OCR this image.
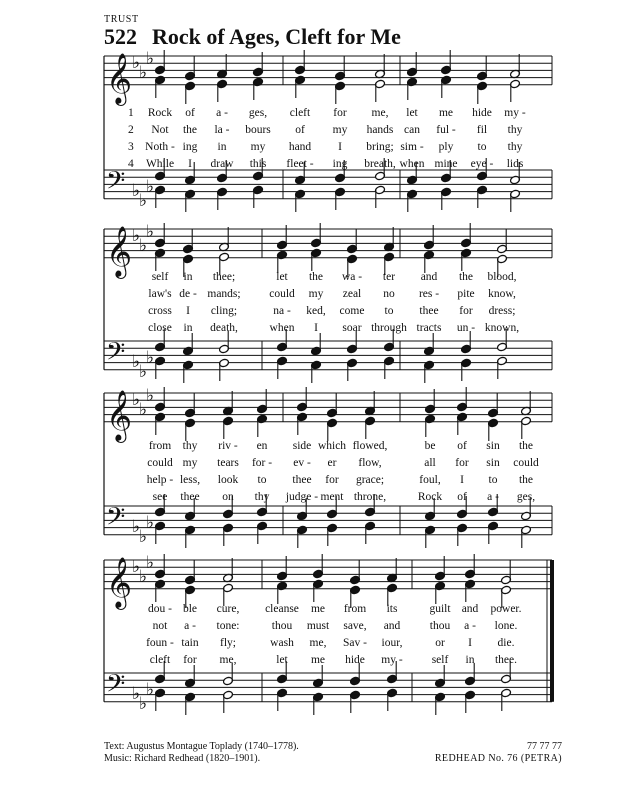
TRUST
522 Rock of Ages, Cleft for Me
𝄞
𝄢
♭
♭
♭
♭
♭
♭
𝄞
𝄢
♭
♭
♭
♭
♭
♭
𝄞
𝄢
♭
♭
♭
♭
♭
♭
𝄞
𝄢
♭
♭
♭
♭
♭
♭
1 Rock of a - ges, cleft for me, let me hide my -
2 Not the la - bours of my hands can ful - fil thy
3 Noth - ing in my hand I bring; sim - ply to thy
4 While I draw this fleet - ing breath, when mine eye - lids
self in thee;	let the wa - ter and the blood,
law's de - mands; could my zeal no res - pite know,
cross I cling;	na - ked, come to thee for dress;
close in death,	when I soar through tracts un - known,
from thy riv - en side which flowed,	be of sin the
could my tears for - ev - er flow,	all for sin could
help - less, look to thee for grace;	foul, I to the
see thee on thy judge - ment throne,	Rock of a - ges,
dou - ble cure, cleanse me from its	guilt and power.
not a - tone:	thou must save, and	thou a - lone.
foun - tain fly;	wash me, Sav - iour,	or I die.
cleft for me,	let me hide my -	self in thee.
Text: Augustus Montague Toplady (1740–1778).
Music: Richard Redhead (1820–1901).
77 77 77
REDHEAD No. 76 (PETRA)
